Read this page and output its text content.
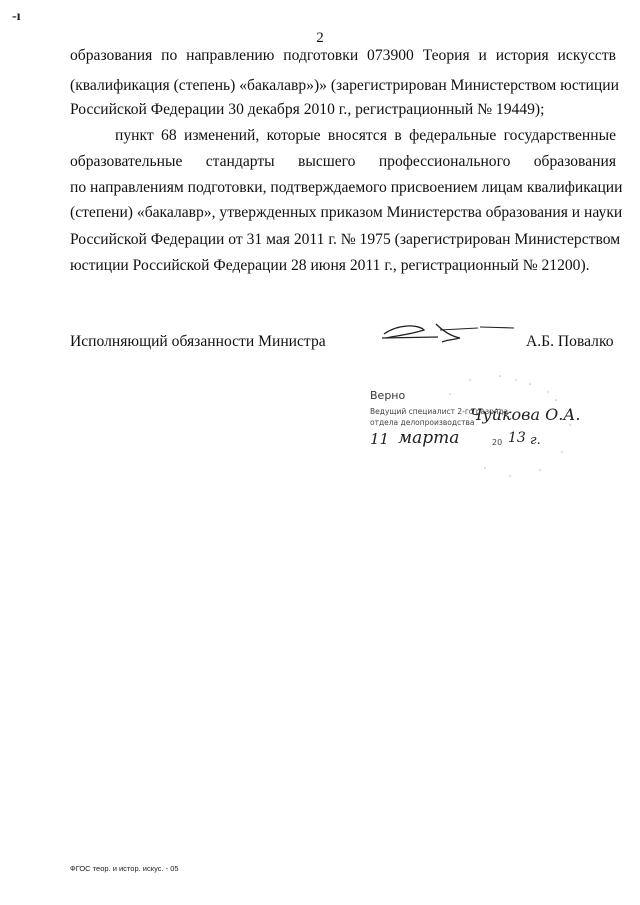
-ı
2
образования по направлению подготовки 073900 Теория и история искусств
(квалификация (степень) «бакалавр»)» (зарегистрирован Министерством юстиции
Российской Федерации 30 декабря 2010 г., регистрационный № 19449);
пункт 68 изменений, которые вносятся в федеральные государственные
образовательные стандарты высшего профессионального образования
по направлениям подготовки, подтверждаемого присвоением лицам квалификации
(степени) «бакалавр», утвержденных приказом Министерства образования и науки
Российской Федерации от 31 мая 2011 г. № 1975 (зарегистрирован Министерством
юстиции Российской Федерации 28 июня 2011 г., регистрационный № 21200).
Исполняющий обязанности Министра	А.Б. Повалко
Верно
Ведущий специалист 2-го разряда
отдела делопроизводства
Чуйкова О.А.
11 марта	20 13 г.
ФГОС теор. и истор. искус. - 05
